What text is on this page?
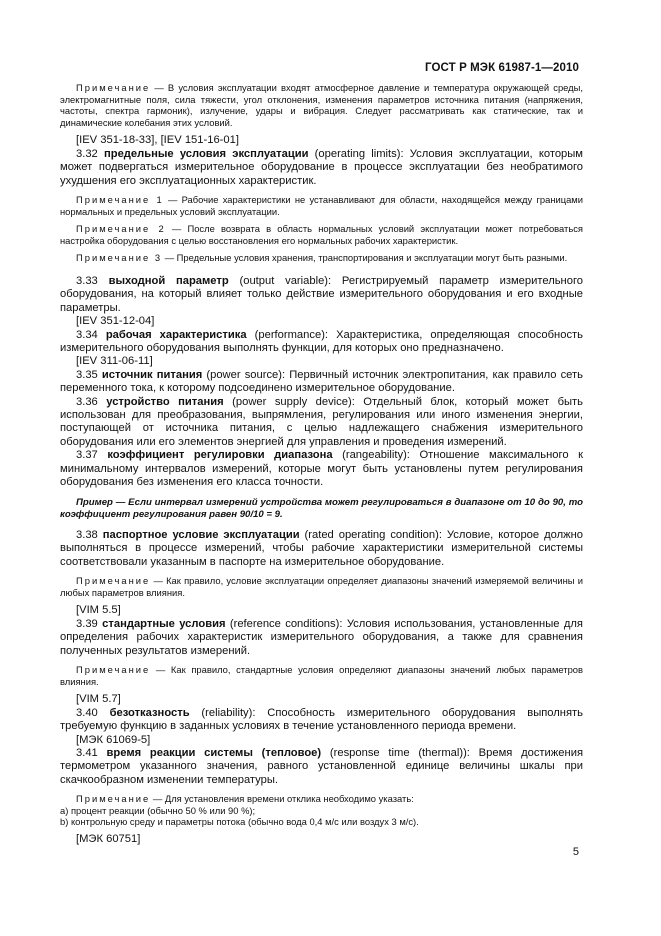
ГОСТ Р МЭК 61987-1—2010

Примечание — В условия эксплуатации входят атмосферное давление и температура окружающей среды, электромагнитные поля, сила тяжести, угол отклонения, изменения параметров источника питания (напряжения, частоты, спектра гармоник), излучение, удары и вибрация. Следует рассматривать как статические, так и динамические колебания этих условий.

[IEV 351-18-33], [IEV 151-16-01]

3.32 предельные условия эксплуатации (operating limits): Условия эксплуатации, которым может подвергаться измерительное оборудование в процессе эксплуатации без необратимого ухудшения его эксплуатационных характеристик.

Примечание 1 — Рабочие характеристики не устанавливают для области, находящейся между границами нормальных и предельных условий эксплуатации.

Примечание 2 — После возврата в область нормальных условий эксплуатации может потребоваться настройка оборудования с целью восстановления его нормальных рабочих характеристик.

Примечание 3 — Предельные условия хранения, транспортирования и эксплуатации могут быть разными.

3.33 выходной параметр (output variable): Регистрируемый параметр измерительного оборудования, на который влияет только действие измерительного оборудования и его входные параметры.

[IEV 351-12-04]

3.34 рабочая характеристика (performance): Характеристика, определяющая способность измерительного оборудования выполнять функции, для которых оно предназначено.

[IEV 311-06-11]

3.35 источник питания (power source): Первичный источник электропитания, как правило сеть переменного тока, к которому подсоединено измерительное оборудование.

3.36 устройство питания (power supply device): Отдельный блок, который может быть использован для преобразования, выпрямления, регулирования или иного изменения энергии, поступающей от источника питания, с целью надлежащего снабжения измерительного оборудования или его элементов энергией для управления и проведения измерений.

3.37 коэффициент регулировки диапазона (rangeability): Отношение максимального к минимальному интервалов измерений, которые могут быть установлены путем регулирования оборудования без изменения его класса точности.

Пример — Если интервал измерений устройства может регулироваться в диапазоне от 10 до 90, то коэффициент регулирования равен 90/10 = 9.

3.38 паспортное условие эксплуатации (rated operating condition): Условие, которое должно выполняться в процессе измерений, чтобы рабочие характеристики измерительной системы соответствовали указанным в паспорте на измерительное оборудование.

Примечание — Как правило, условие эксплуатации определяет диапазоны значений измеряемой величины и любых параметров влияния.

[VIM 5.5]

3.39 стандартные условия (reference conditions): Условия использования, установленные для определения рабочих характеристик измерительного оборудования, а также для сравнения полученных результатов измерений.

Примечание — Как правило, стандартные условия определяют диапазоны значений любых параметров влияния.

[VIM 5.7]

3.40 безотказность (reliability): Способность измерительного оборудования выполнять требуемую функцию в заданных условиях в течение установленного периода времени.

[МЭК 61069-5]

3.41 время реакции системы (тепловое) (response time (thermal)): Время достижения термометром указанного значения, равного установленной единице величины шкалы при скачкообразном изменении температуры.

Примечание — Для установления времени отклика необходимо указать:

а) процент реакции (обычно 50 % или 90 %);

b) контрольную среду и параметры потока (обычно вода 0,4 м/с или воздух 3 м/с).

[МЭК 60751]

5
